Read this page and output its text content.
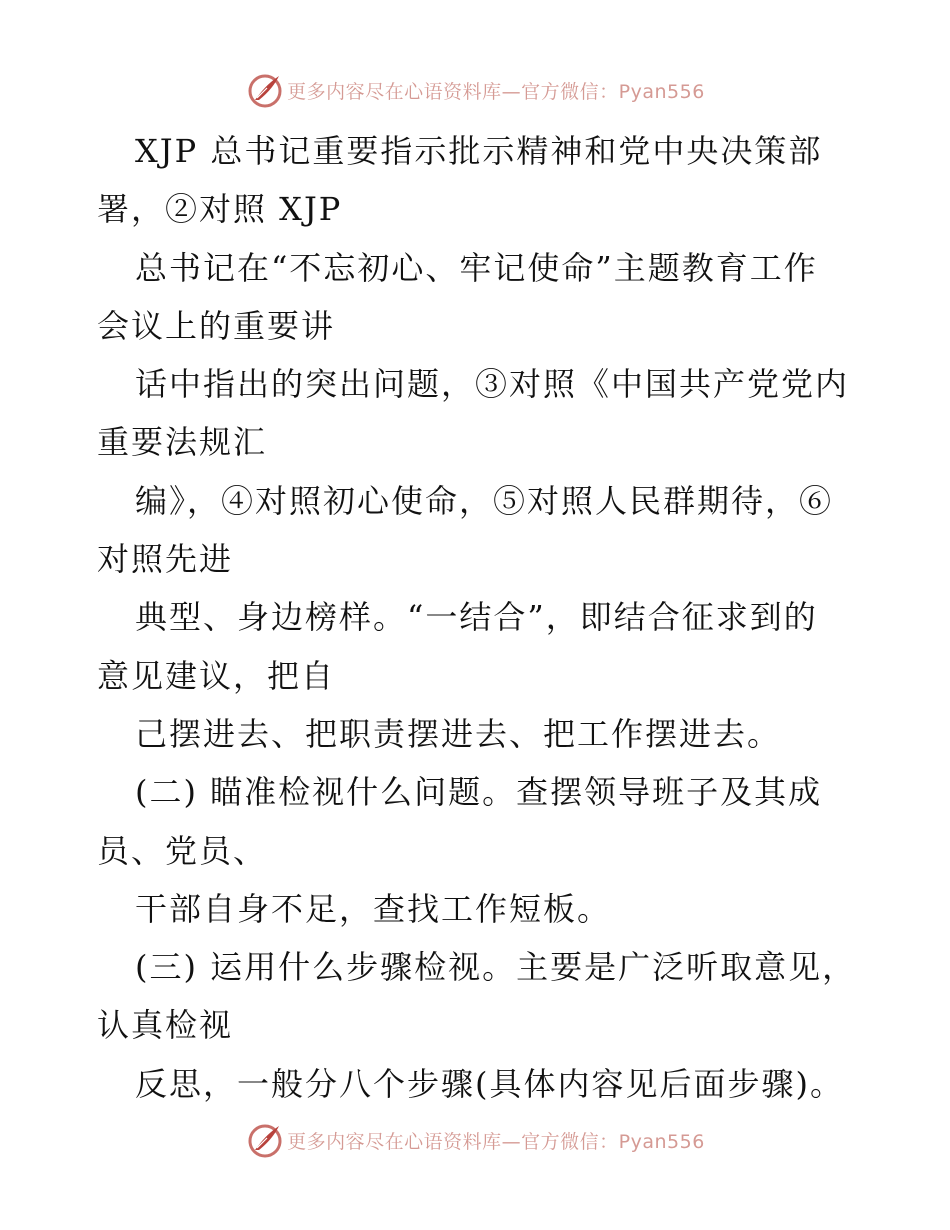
更多内容尽在心语资料库—官方微信：Pyan556
XJP 总书记重要指示批示精神和党中央决策部
署，②对照 XJP
总书记在“不忘初心、牢记使命”主题教育工作
会议上的重要讲
话中指出的突出问题，③对照《中国共产党党内
重要法规汇
编》，④对照初心使命，⑤对照人民群期待，⑥
对照先进
典型、身边榜样。“一结合”，即结合征求到的
意见建议，把自
己摆进去、把职责摆进去、把工作摆进去。
(二) 瞄准检视什么问题。查摆领导班子及其成
员、党员、
干部自身不足，查找工作短板。
(三) 运用什么步骤检视。主要是广泛听取意见，
认真检视
反思，一般分八个步骤(具体内容见后面步骤)。
更多内容尽在心语资料库—官方微信：Pyan556
